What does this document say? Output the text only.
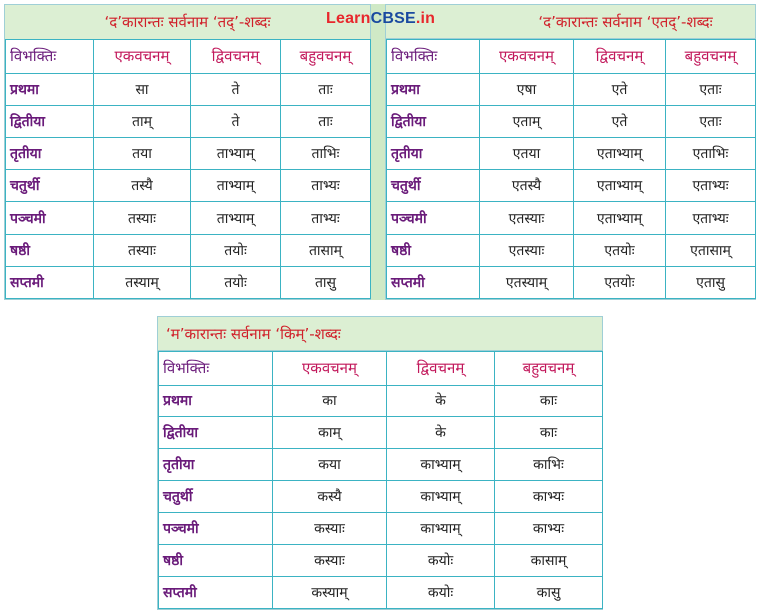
‘द’कारान्तः सर्वनाम ‘तद्’-शब्दः
विभक्तिः	एकवचनम्	द्विवचनम्	बहुवचनम्
प्रथमा	सा	ते	ताः
द्वितीया	ताम्	ते	ताः
तृतीया	तया	ताभ्याम्	ताभिः
चतुर्थी	तस्यै	ताभ्याम्	ताभ्यः
पञ्चमी	तस्याः	ताभ्याम्	ताभ्यः
षष्ठी	तस्याः	तयोः	तासाम्
सप्तमी	तस्याम्	तयोः	तासु
‘द’कारान्तः सर्वनाम ‘एतद्’-शब्दः
विभक्तिः	एकवचनम्	द्विवचनम्	बहुवचनम्
प्रथमा	एषा	एते	एताः
द्वितीया	एताम्	एते	एताः
तृतीया	एतया	एताभ्याम्	एताभिः
चतुर्थी	एतस्यै	एताभ्याम्	एताभ्यः
पञ्चमी	एतस्याः	एताभ्याम्	एताभ्यः
षष्ठी	एतस्याः	एतयोः	एतासाम्
सप्तमी	एतस्याम्	एतयोः	एतासु
‘म’कारान्तः सर्वनाम ‘किम्’-शब्दः
विभक्तिः	एकवचनम्	द्विवचनम्	बहुवचनम्
प्रथमा	का	के	काः
द्वितीया	काम्	के	काः
तृतीया	कया	काभ्याम्	काभिः
चतुर्थी	कस्यै	काभ्याम्	काभ्यः
पञ्चमी	कस्याः	काभ्याम्	काभ्यः
षष्ठी	कस्याः	कयोः	कासाम्
सप्तमी	कस्याम्	कयोः	कासु
LearnCBSE.in
